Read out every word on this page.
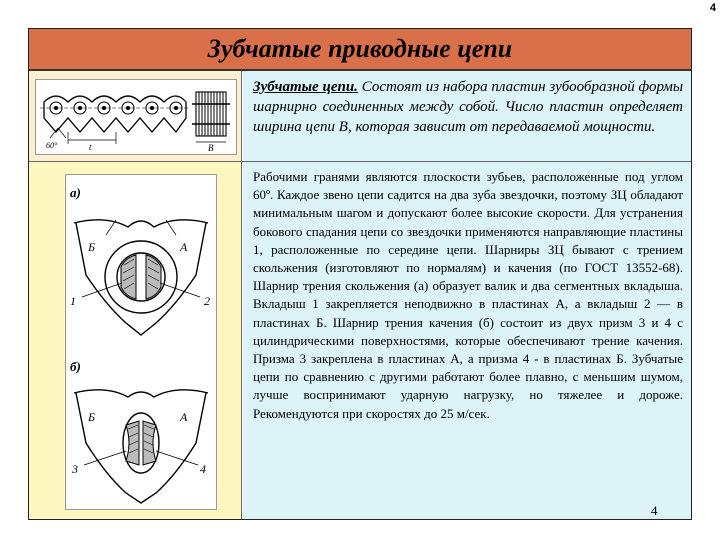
4
Зубчатые приводные цепи
60°	t	B
Зубчатые цепи. Состоят из набора пластин зубообразной формы шарнирно соединенных между собой. Число пластин определяет ширина цепи В, которая зависит от передаваемой мощности.
а)
Б	А
1	2
б)
Б	А
3	4
Рабочими гранями являются плоскости зубьев, расположенные под углом 60º. Каждое звено цепи садится на два зуба звездочки, поэтому ЗЦ обладают минимальным шагом и допускают более высокие скорости. Для устранения бокового спадания цепи со звездочки применяются направляющие пластины 1, расположенные по середине цепи. Шарниры ЗЦ бывают с трением скольжения (изготовляют по нормалям) и качения (по ГОСТ 13552-68). Шарнир трения скольжения (а) образует валик и два сегментных вкладыша. Вкладыш 1 закрепляется неподвижно в пластинах А, а вкладыш 2 — в пластинах Б. Шарнир трения качения (б) состоит из двух призм 3 и 4 с цилиндрическими поверхностями, которые обеспечивают трение качения. Призма 3 закреплена в пластинах А, а призма 4 - в пластинах Б. Зубчатые цепи по сравнению с другими работают более плавно, с меньшим шумом, лучше воспринимают ударную нагрузку, но тяжелее и дороже. Рекомендуются при скоростях до 25 м/сек.
4
